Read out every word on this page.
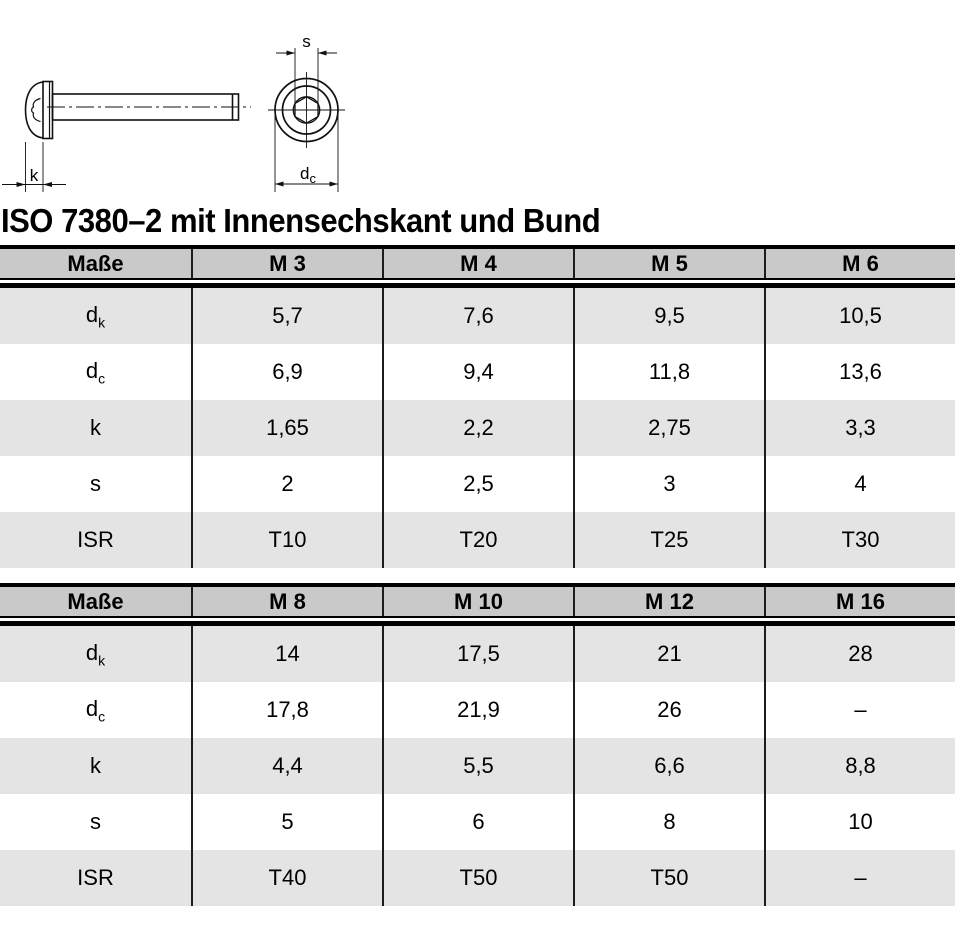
k
s
$d_c$
ISO 7380–2 mit Innensechskant und Bund
Maße	M 3	M 4	M 5	M 6
$d_k$	5,7	7,6	9,5	10,5
$d_c$	6,9	9,4	11,8	13,6
k	1,65	2,2	2,75	3,3
s	2	2,5	3	4
ISR	T10	T20	T25	T30
Maße	M 8	M 10	M 12	M 16
$d_k$	14	17,5	21	28
$d_c$	17,8	21,9	26	–
k	4,4	5,5	6,6	8,8
s	5	6	8	10
ISR	T40	T50	T50	–
